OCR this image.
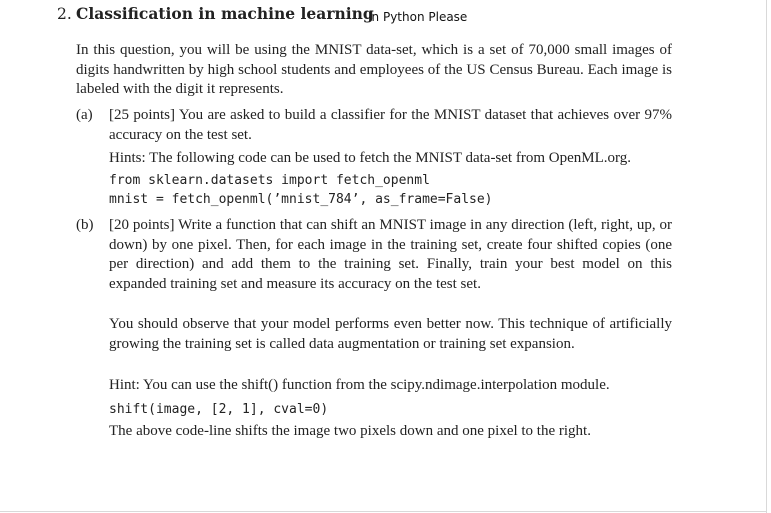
2. Classification in machine learning
In Python Please
In this question, you will be using the MNIST data-set, which is a set of 70,000 small images of digits handwritten by high school students and employees of the US Census Bureau. Each image is labeled with the digit it represents.
(a)	[25 points] You are asked to build a classifier for the MNIST dataset that achieves over 97% accuracy on the test set.
Hints: The following code can be used to fetch the MNIST data-set from OpenML.org.
from sklearn.datasets import fetch_openml
mnist = fetch_openml(’mnist_784’, as_frame=False)
(b)	[20 points] Write a function that can shift an MNIST image in any direction (left, right, up, or down) by one pixel. Then, for each image in the training set, create four shifted copies (one per direction) and add them to the training set. Finally, train your best model on this expanded training set and measure its accuracy on the test set.
You should observe that your model performs even better now. This technique of artificially growing the training set is called data augmentation or training set expansion.
Hint: You can use the shift() function from the scipy.ndimage.interpolation module.
shift(image, [2, 1], cval=0)
The above code-line shifts the image two pixels down and one pixel to the right.
